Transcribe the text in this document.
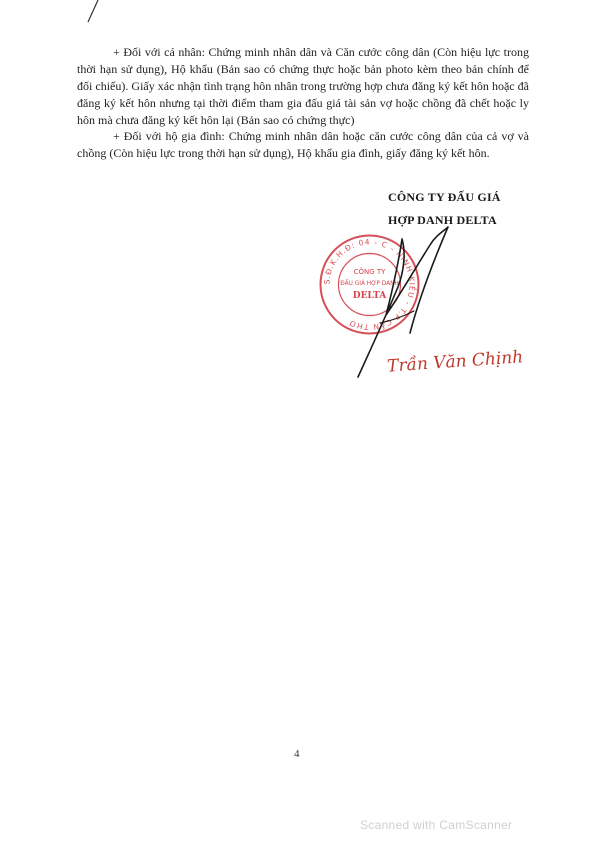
+ Đối với cá nhân: Chứng minh nhân dân và Căn cước công dân (Còn hiệu lực trong thời hạn sử dụng), Hộ khẩu (Bản sao có chứng thực hoặc bản photo kèm theo bản chính để đối chiếu). Giấy xác nhận tình trạng hôn nhân trong trường hợp chưa đăng ký kết hôn hoặc đã đăng ký kết hôn nhưng tại thời điểm tham gia đấu giá tài sản vợ hoặc chồng đã chết hoặc ly hôn mà chưa đăng ký kết hôn lại (Bản sao có chứng thực)

+ Đối với hộ gia đình: Chứng minh nhân dân hoặc căn cước công dân của cả vợ và chồng (Còn hiệu lực trong thời hạn sử dụng), Hộ khẩu gia đình, giấy đăng ký kết hôn.

CÔNG TY ĐẤU GIÁ

HỢP DANH DELTA

S.Đ.K.H.Đ: 04 - C - NINH KIỀU - T.P CẦN THƠ
CÔNG TY
ĐẤU GIÁ HỢP DANH
DELTA
Trần Văn Chịnh
4
Scanned with CamScanner
